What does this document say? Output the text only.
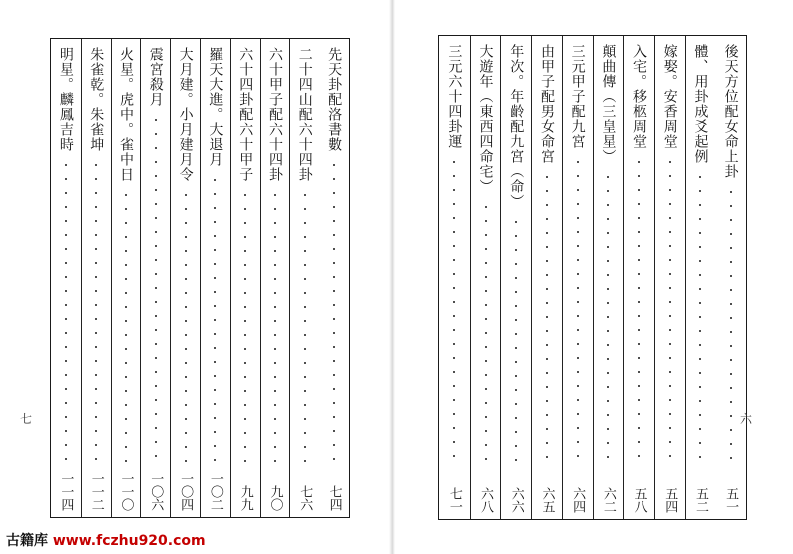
先天卦配洛書數
七四
二十四山配六十四卦
七六
六十甲子配六十四卦
九〇
六十四卦配六十甲子
九九
羅天大進。大退月
一〇二
大月建。小月建月令
一〇四
震宮殺月
一〇六
火星。虎中。雀中日
一一〇
朱雀乾。朱雀坤
一一二
明星。麟鳳吉時
一一四
七
後天方位配女命上卦
五一
體、用卦成爻起例
五二
嫁娶。安香周堂
五四
入宅。移柩周堂
五八
顛曲傳（三皇星）
六二
三元甲子配九宮
六四
由甲子配男女命宮
六五
年次。年齡配九宮（命）
六六
大遊年（東西四命宅）
六八
三元六十四卦運
七一
六
古籍库 www.fczhu920.com
